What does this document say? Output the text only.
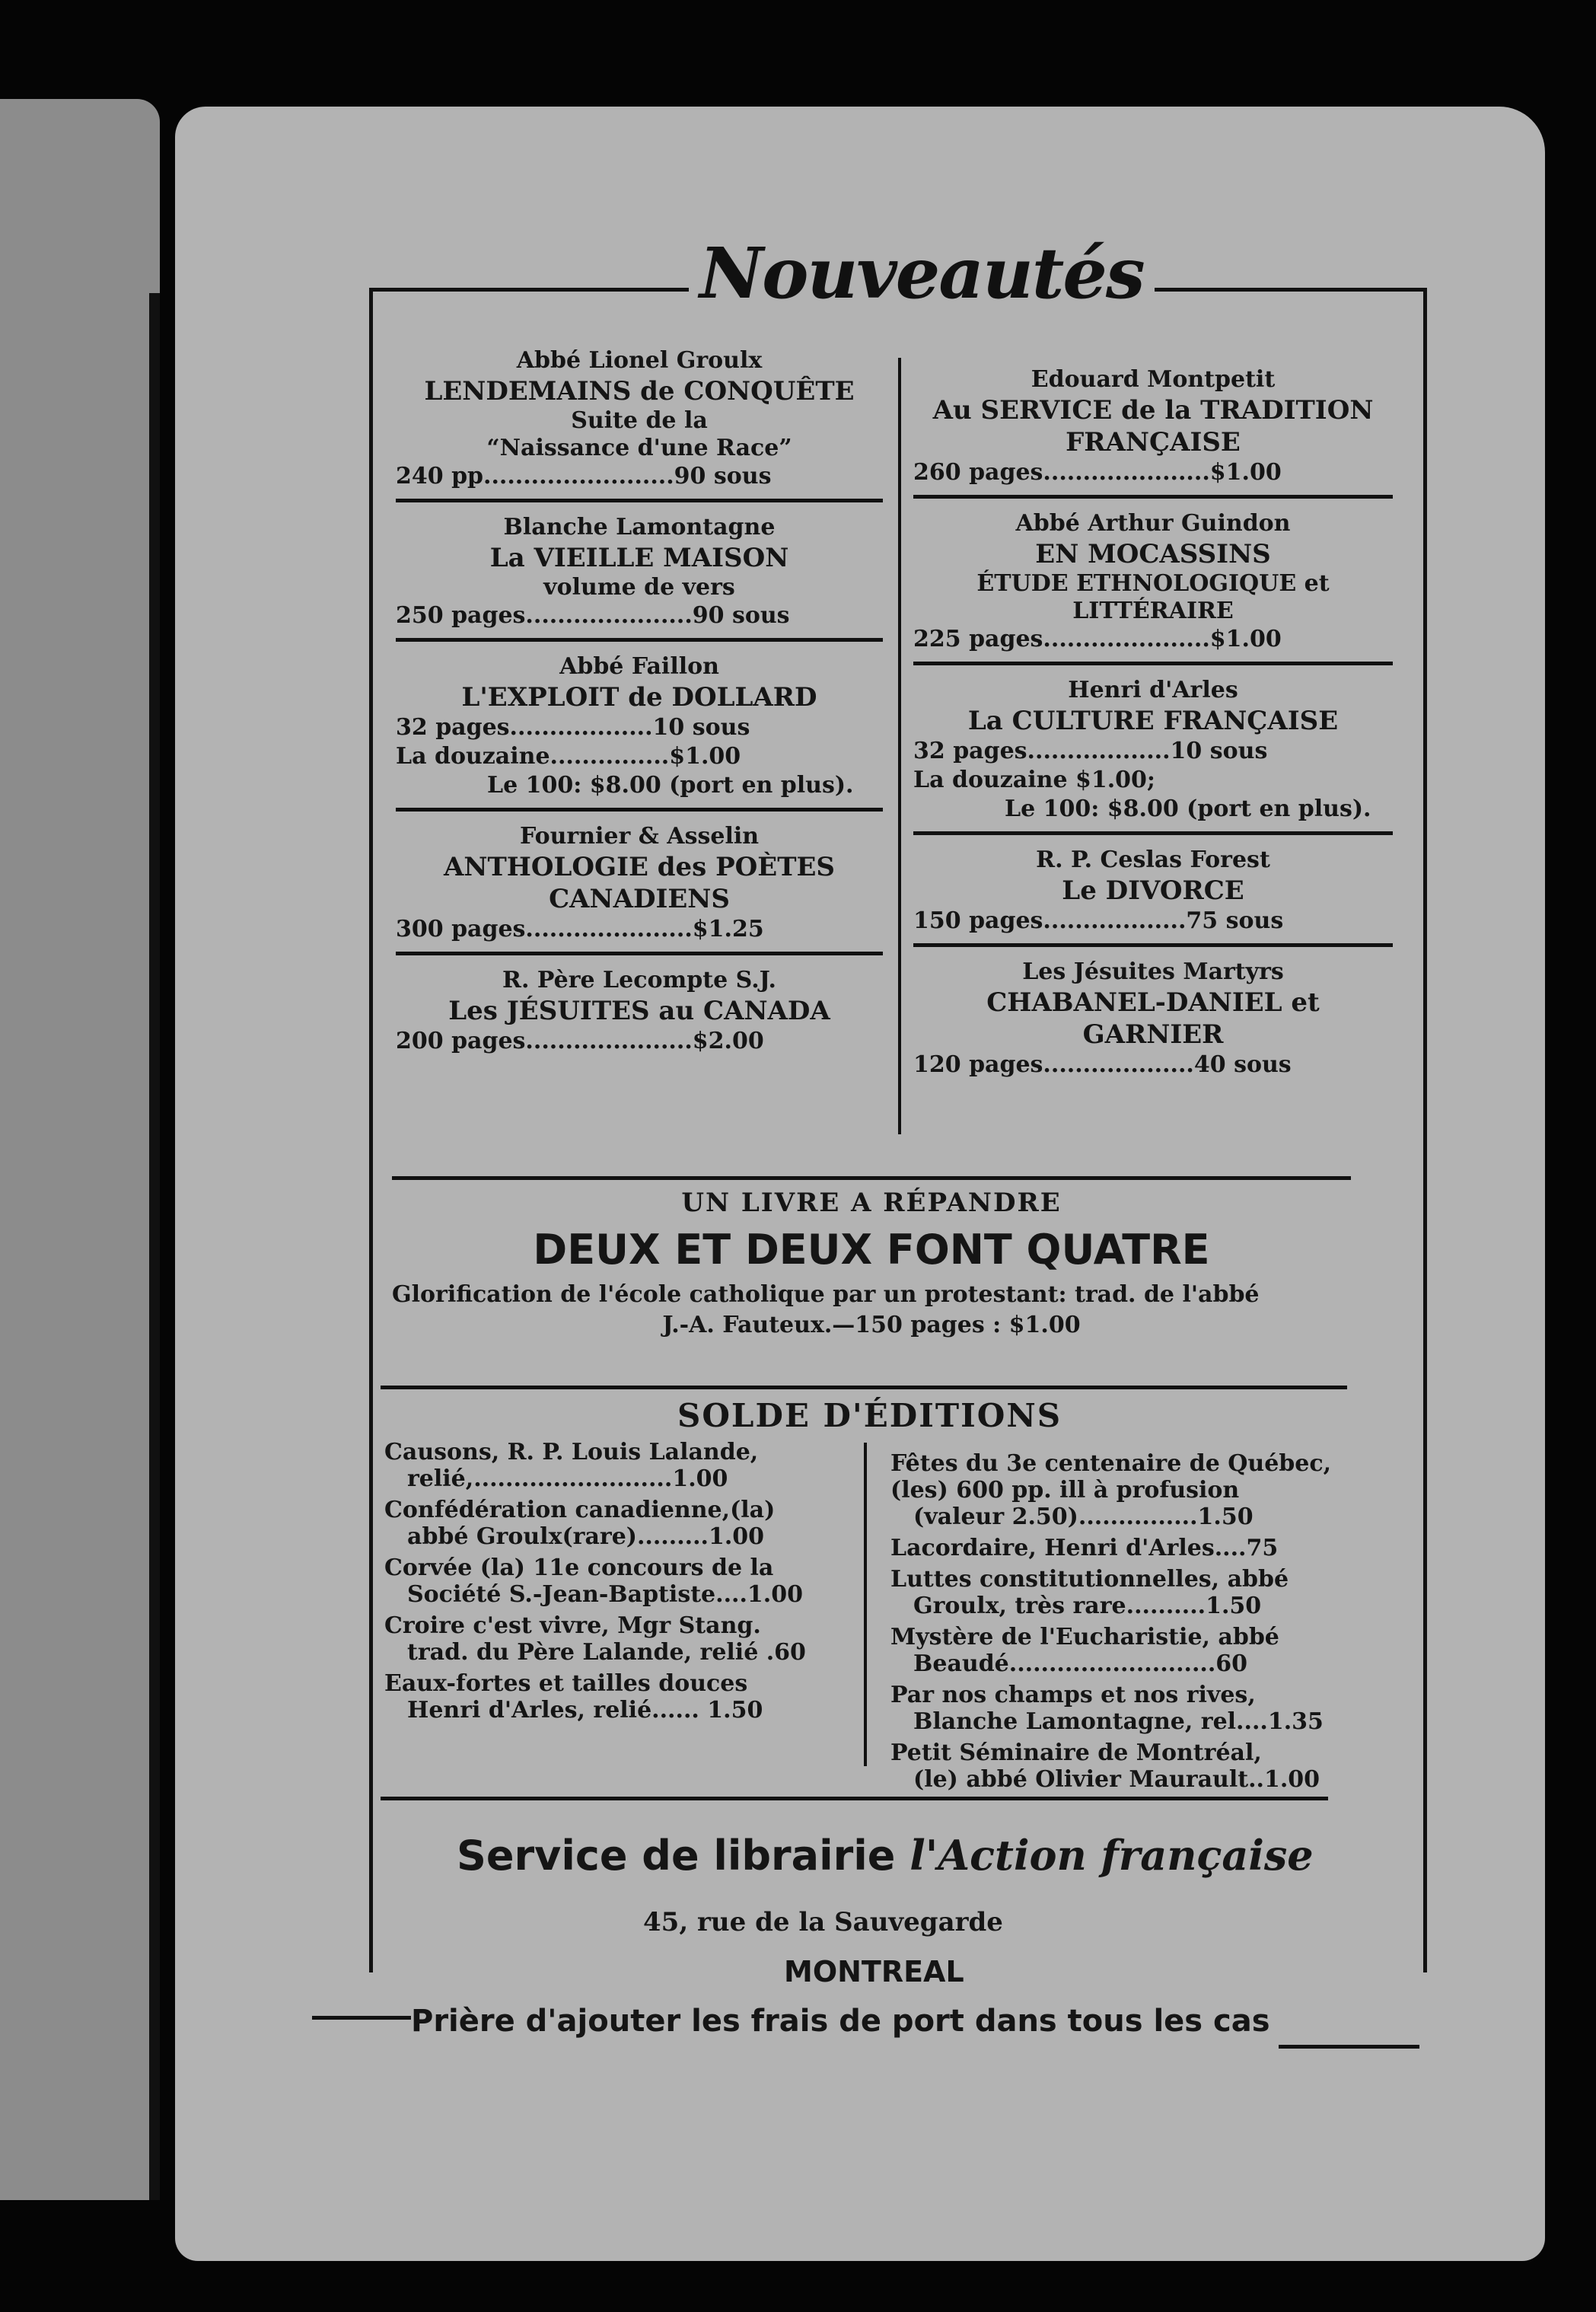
Nouveautés
Abbé Lionel Groulx
LENDEMAINS de CONQUÊTE
Suite de la
“Naissance d'une Race”
240 pp........................90 sous
Blanche Lamontagne
La VIEILLE MAISON
volume de vers
250 pages.....................90 sous
Abbé Faillon
L'EXPLOIT de DOLLARD
32 pages..................10 sous
La douzaine...............$1.00
Le 100: $8.00 (port en plus).
Fournier & Asselin
ANTHOLOGIE des POÈTES CANADIENS
300 pages.....................$1.25
R. Père Lecompte S.J.
Les JÉSUITES au CANADA
200 pages.....................$2.00
Edouard Montpetit
Au SERVICE de la TRADITION FRANÇAISE
260 pages.....................$1.00
Abbé Arthur Guindon
EN MOCASSINS
ÉTUDE ETHNOLOGIQUE et LITTÉRAIRE
225 pages.....................$1.00
Henri d'Arles
La CULTURE FRANÇAISE
32 pages..................10 sous
La douzaine $1.00;
Le 100: $8.00 (port en plus).
R. P. Ceslas Forest
Le DIVORCE
150 pages..................75 sous
Les Jésuites Martyrs
CHABANEL-DANIEL et GARNIER
120 pages...................40 sous
UN LIVRE A RÉPANDRE
DEUX ET DEUX FONT QUATRE
Glorification de l'école catholique par un protestant: trad. de l'abbé
J.-A. Fauteux.—150 pages : $1.00
SOLDE D'ÉDITIONS
Causons, R. P. Louis Lalande,
relié,.........................1.00
Confédération canadienne,(la)
abbé Groulx(rare).........1.00
Corvée (la) 11e concours de la
Société S.-Jean-Baptiste....1.00
Croire c'est vivre, Mgr Stang.
trad. du Père Lalande, relié .60
Eaux-fortes et tailles douces
Henri d'Arles, relié...... 1.50
Fêtes du 3e centenaire de Québec, (les) 600 pp. ill à profusion
(valeur 2.50)...............1.50
Lacordaire, Henri d'Arles....75
Luttes constitutionnelles, abbé
Groulx, très rare..........1.50
Mystère de l'Eucharistie, abbé
Beaudé..........................60
Par nos champs et nos rives,
Blanche Lamontagne, rel....1.35
Petit Séminaire de Montréal,
(le) abbé Olivier Maurault..1.00
Service de librairie l'Action française
45, rue de la Sauvegarde
MONTREAL
Prière d'ajouter les frais de port dans tous les cas
